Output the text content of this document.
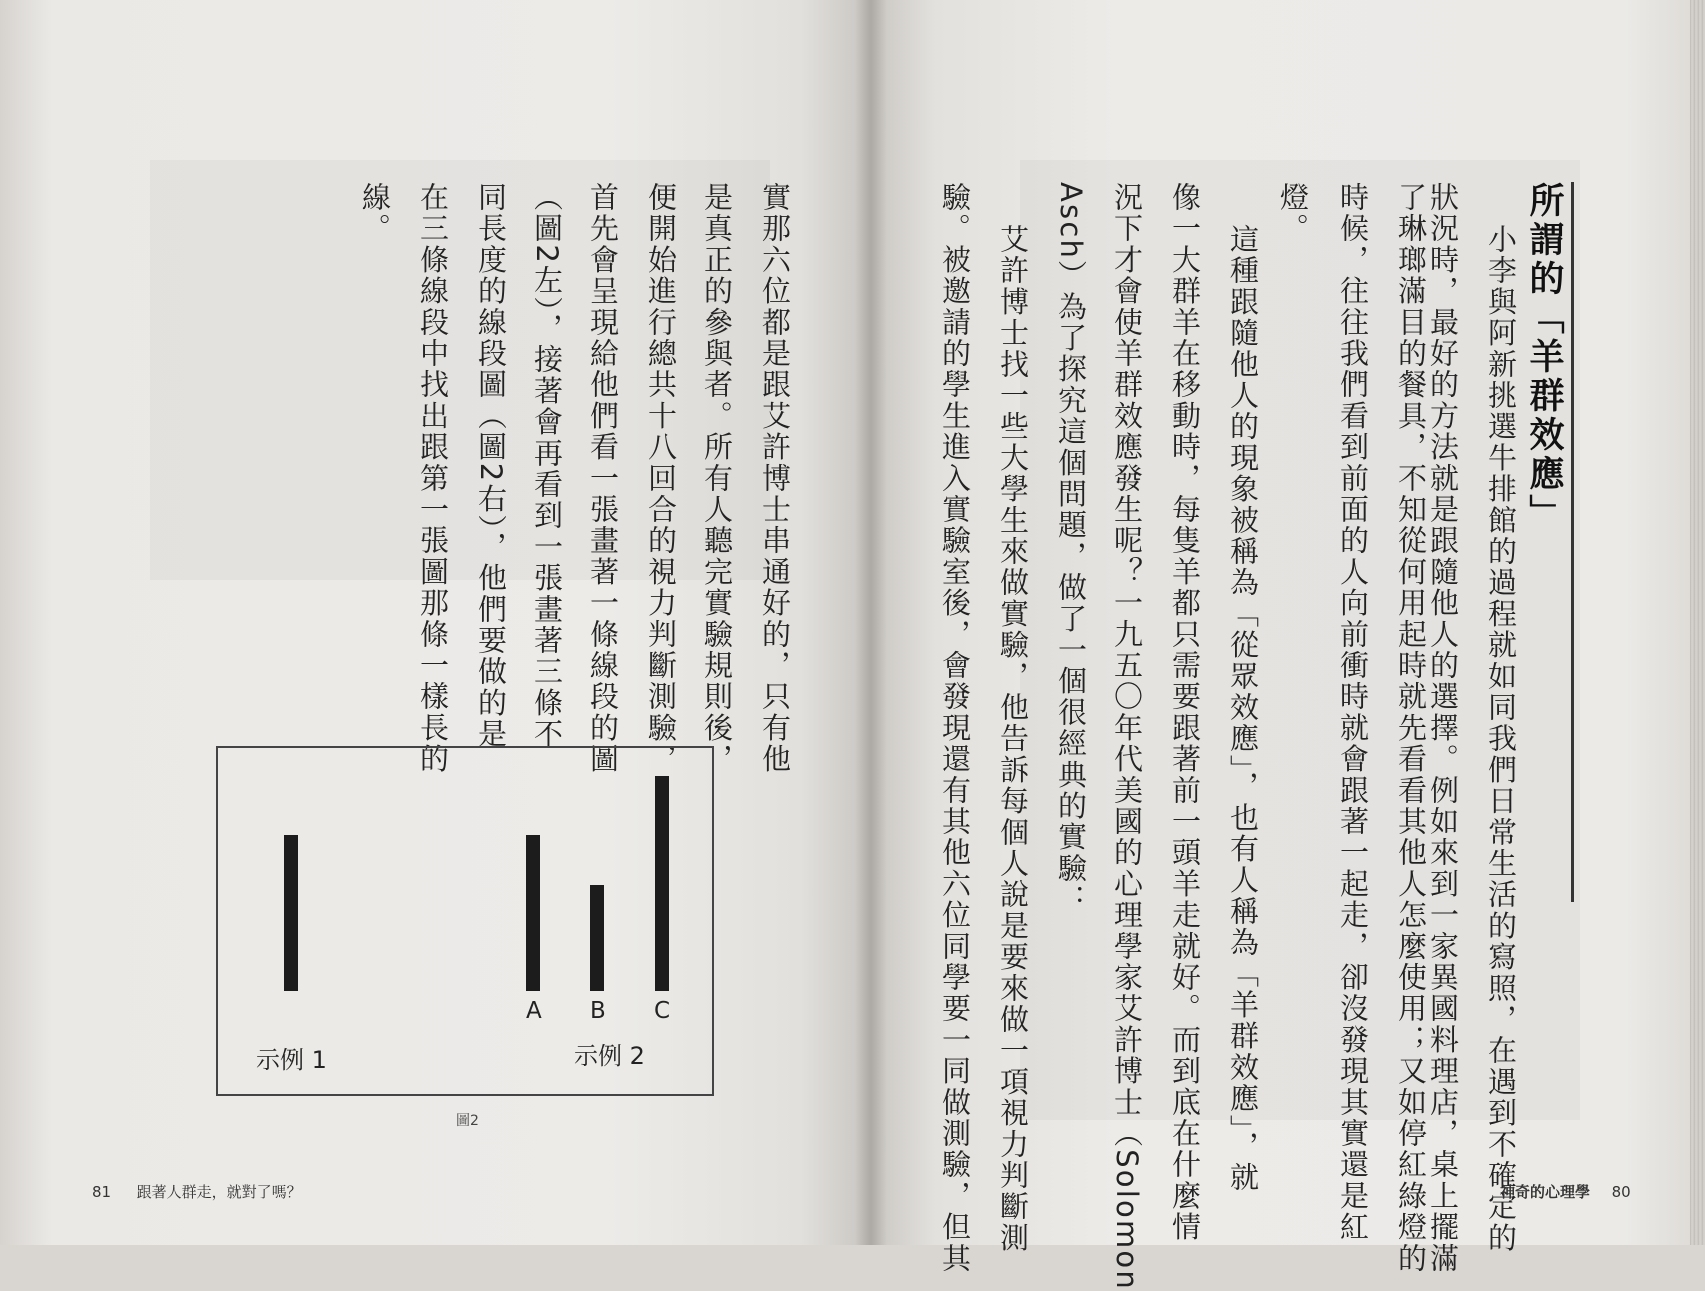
所謂的「羊群效應」
小李與阿新挑選牛排館的過程就如同我們日常生活的寫照，在遇到不確定的
狀況時，最好的方法就是跟隨他人的選擇。例如來到一家異國料理店，桌上擺滿
了琳瑯滿目的餐具，不知從何用起時就先看看其他人怎麼使用；又如停紅綠燈的
時候，往往我們看到前面的人向前衝時就會跟著一起走，卻沒發現其實還是紅
燈。
這種跟隨他人的現象被稱為「從眾效應」，也有人稱為「羊群效應」，就
像一大群羊在移動時，每隻羊都只需要跟著前一頭羊走就好。而到底在什麼情
況下才會使羊群效應發生呢？一九五〇年代美國的心理學家艾許博士（Solomon
Asch）為了探究這個問題，做了一個很經典的實驗：
艾許博士找一些大學生來做實驗，他告訴每個人說是要來做一項視力判斷測
驗。被邀請的學生進入實驗室後，會發現還有其他六位同學要一同做測驗，但其
實那六位都是跟艾許博士串通好的，只有他
是真正的參與者。所有人聽完實驗規則後，
便開始進行總共十八回合的視力判斷測驗，
首先會呈現給他們看一張畫著一條線段的圖
（圖2左），接著會再看到一張畫著三條不
同長度的線段圖（圖2右），他們要做的是
在三條線段中找出跟第一張圖那條一樣長的
線。
A B C
示例 1	示例 2
圖2
81 跟著人群走，就對了嗎？	神奇的心理學 80
